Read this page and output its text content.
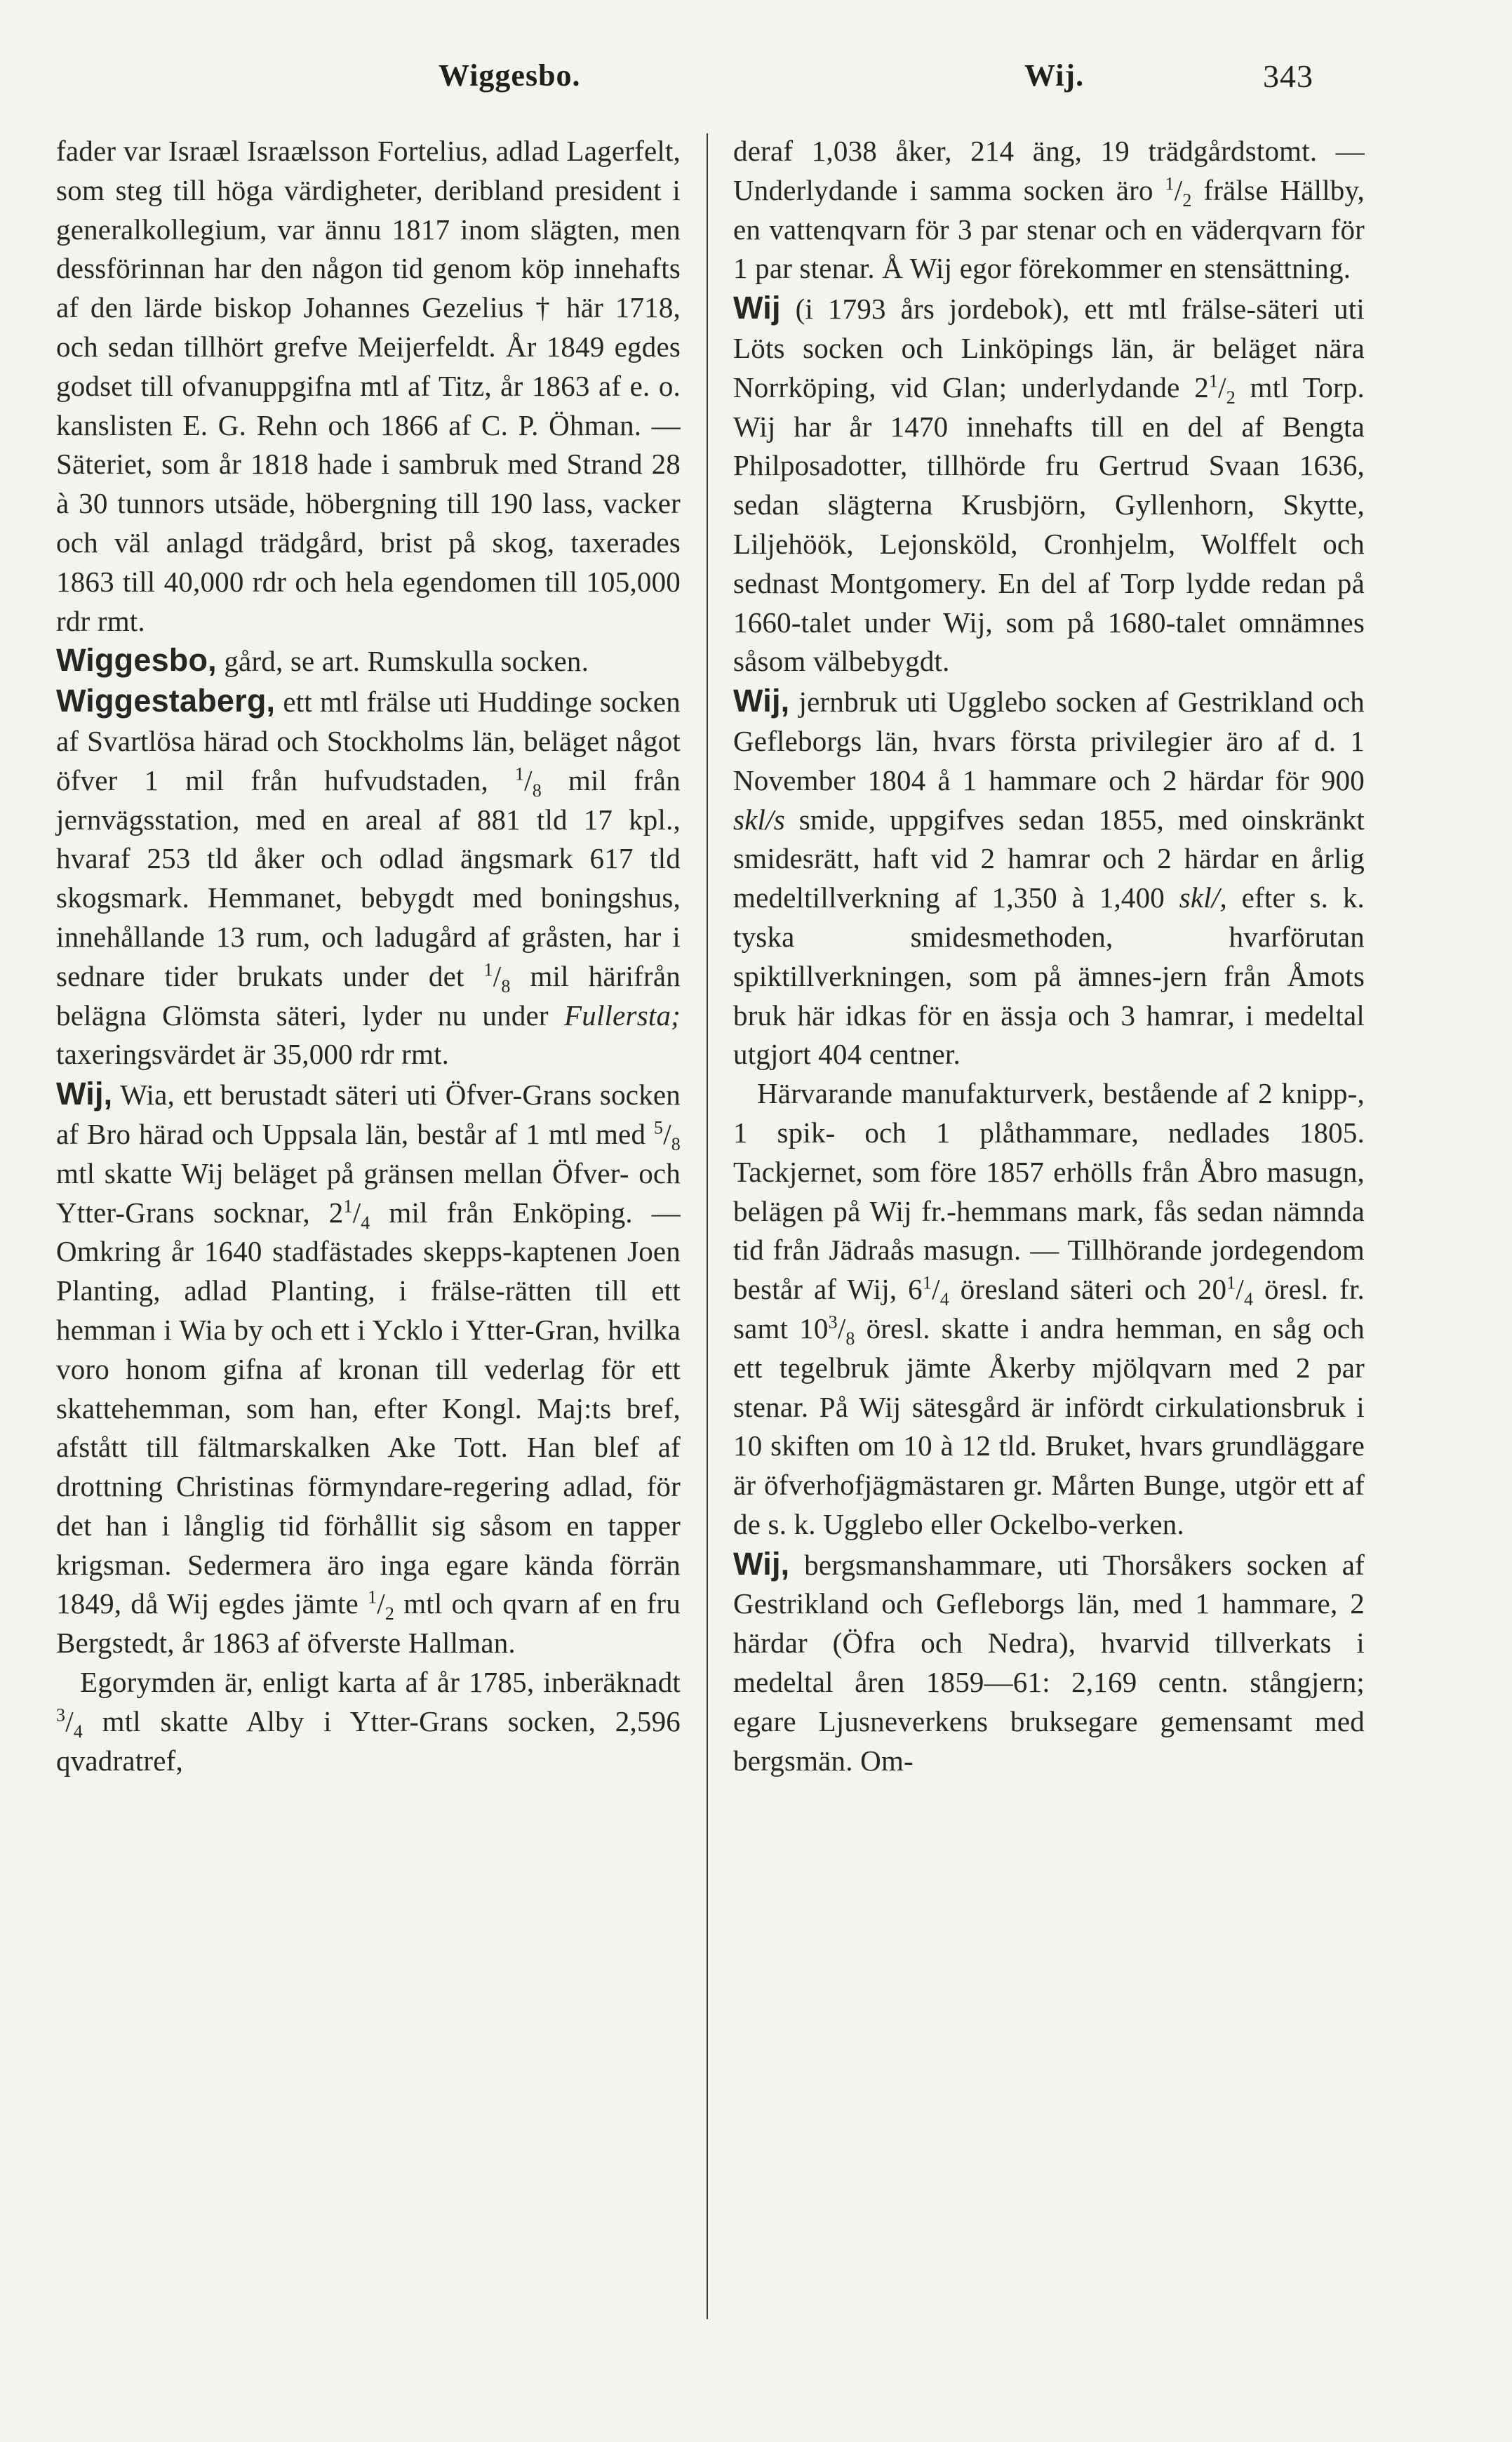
Wiggesbo.	Wij.	343

fader var Israæl Israælsson Fortelius, adlad Lagerfelt, som steg till höga värdigheter, deribland president i generalkollegium, var ännu 1817 inom slägten, men dessförinnan har den någon tid genom köp innehafts af den lärde biskop Johannes Gezelius † här 1718, och sedan tillhört grefve Meijerfeldt. År 1849 egdes godset till ofvanuppgifna mtl af Titz, år 1863 af e. o. kanslisten E. G. Rehn och 1866 af C. P. Öhman. — Säteriet, som år 1818 hade i sambruk med Strand 28 à 30 tunnors utsäde, höbergning till 190 lass, vacker och väl anlagd trädgård, brist på skog, taxerades 1863 till 40,000 rdr och hela egendomen till 105,000 rdr rmt.

Wiggesbo, gård, se art. Rumskulla socken.

Wiggestaberg, ett mtl frälse uti Huddinge socken af Svartlösa härad och Stockholms län, beläget något öfver 1 mil från hufvudstaden, $^1/_8$ mil från jernvägsstation, med en areal af 881 tld 17 kpl., hvaraf 253 tld åker och odlad ängsmark 617 tld skogsmark. Hemmanet, bebygdt med boningshus, innehållande 13 rum, och ladugård af gråsten, har i sednare tider brukats under $\det ^1/_8$ mil härifrån belägna Glömsta säteri, lyder nu under Fullersta; taxeringsvärdet är 35,000 rdr rmt.

Wij, Wia, ett berustadt säteri uti Öfver-Grans socken af Bro härad och Uppsala län, består af 1 mtl med $^5/_8$ mtl skatte Wij beläget på gränsen mellan Öfver- och Ytter-Grans socknar, $2^1/_4$ mil från Enköping. — Omkring år 1640 stadfästades skepps-kaptenen Joen Planting, adlad Planting, i frälse-rätten till ett hemman i Wia by och ett i Ycklo i Ytter-Gran, hvilka voro honom gifna af kronan till vederlag för ett skattehemman, som han, efter Kongl. Maj:ts bref, afstått till fältmarskalken Ake Tott. Han blef af drottning Christinas förmyndare-regering adlad, för det han i långlig tid förhållit sig såsom en tapper krigsman. Sedermera äro inga egare kända förrän 1849, då Wij egdes jämte $^1/_2$ mtl och qvarn af en fru Bergstedt, år 1863 af öfverste Hallman.

Egorymden är, enligt karta af år 1785, inberäknadt $^3/_4$ mtl skatte Alby i Ytter-Grans socken, 2,596 qvadratref,

deraf 1,038 åker, 214 äng, 19 trädgårdstomt. — Underlydande i samma socken äro $^1/_2$ frälse Hällby, en vattenqvarn för 3 par stenar och en väderqvarn för 1 par stenar. Å Wij egor förekommer en stensättning.

Wij (i 1793 års jordebok), ett mtl frälse-säteri uti Löts socken och Linköpings län, är beläget nära Norrköping, vid Glan; underlydande $2^1/_2$ mtl Torp. Wij har år 1470 innehafts till en del af Bengta Philposadotter, tillhörde fru Gertrud Svaan 1636, sedan slägterna Krusbjörn, Gyllenhorn, Skytte, Liljehöök, Lejonsköld, Cronhjelm, Wolffelt och sednast Montgomery. En del af Torp lydde redan på 1660-talet under Wij, som på 1680-talet omnämnes såsom välbebygdt.

Wij, jernbruk uti Ugglebo socken af Gestrikland och Gefleborgs län, hvars första privilegier äro af d. 1 November 1804 å 1 hammare och 2 härdar för 900 skl/s smide, uppgifves sedan 1855, med oinskränkt smidesrätt, haft vid 2 hamrar och 2 härdar en årlig medeltillverkning af 1,350 à 1,400 skl/, efter s. k. tyska smidesmethoden, hvarförutan spiktillverkningen, som på ämnes-jern från Åmots bruk här idkas för en ässja och 3 hamrar, i medeltal utgjort 404 centner.

Härvarande manufakturverk, bestående af 2 knipp-, 1 spik- och 1 plåthammare, nedlades 1805. Tackjernet, som före 1857 erhölls från Åbro masugn, belägen på Wij fr.-hemmans mark, fås sedan nämnda tid från Jädraås masugn. — Tillhörande jordegendom består af Wij, $6^1/_4$ öresland säteri och $20^1/_4$ öresl. fr. samt $10^3/_8$ öresl. skatte i andra hemman, en såg och ett tegelbruk jämte Åkerby mjölqvarn med 2 par stenar. På Wij sätesgård är infördt cirkulationsbruk i 10 skiften om 10 à 12 tld. Bruket, hvars grundläggare är öfverhofjägmästaren gr. Mårten Bunge, utgör ett af de s. k. Ugglebo eller Ockelbo-verken.

Wij, bergsmanshammare, uti Thorsåkers socken af Gestrikland och Gefleborgs län, med 1 hammare, 2 härdar (Öfra och Nedra), hvarvid tillverkats i medeltal åren 1859—61: 2,169 centn. stångjern; egare Ljusneverkens bruksegare gemensamt med bergsmän. Om-
